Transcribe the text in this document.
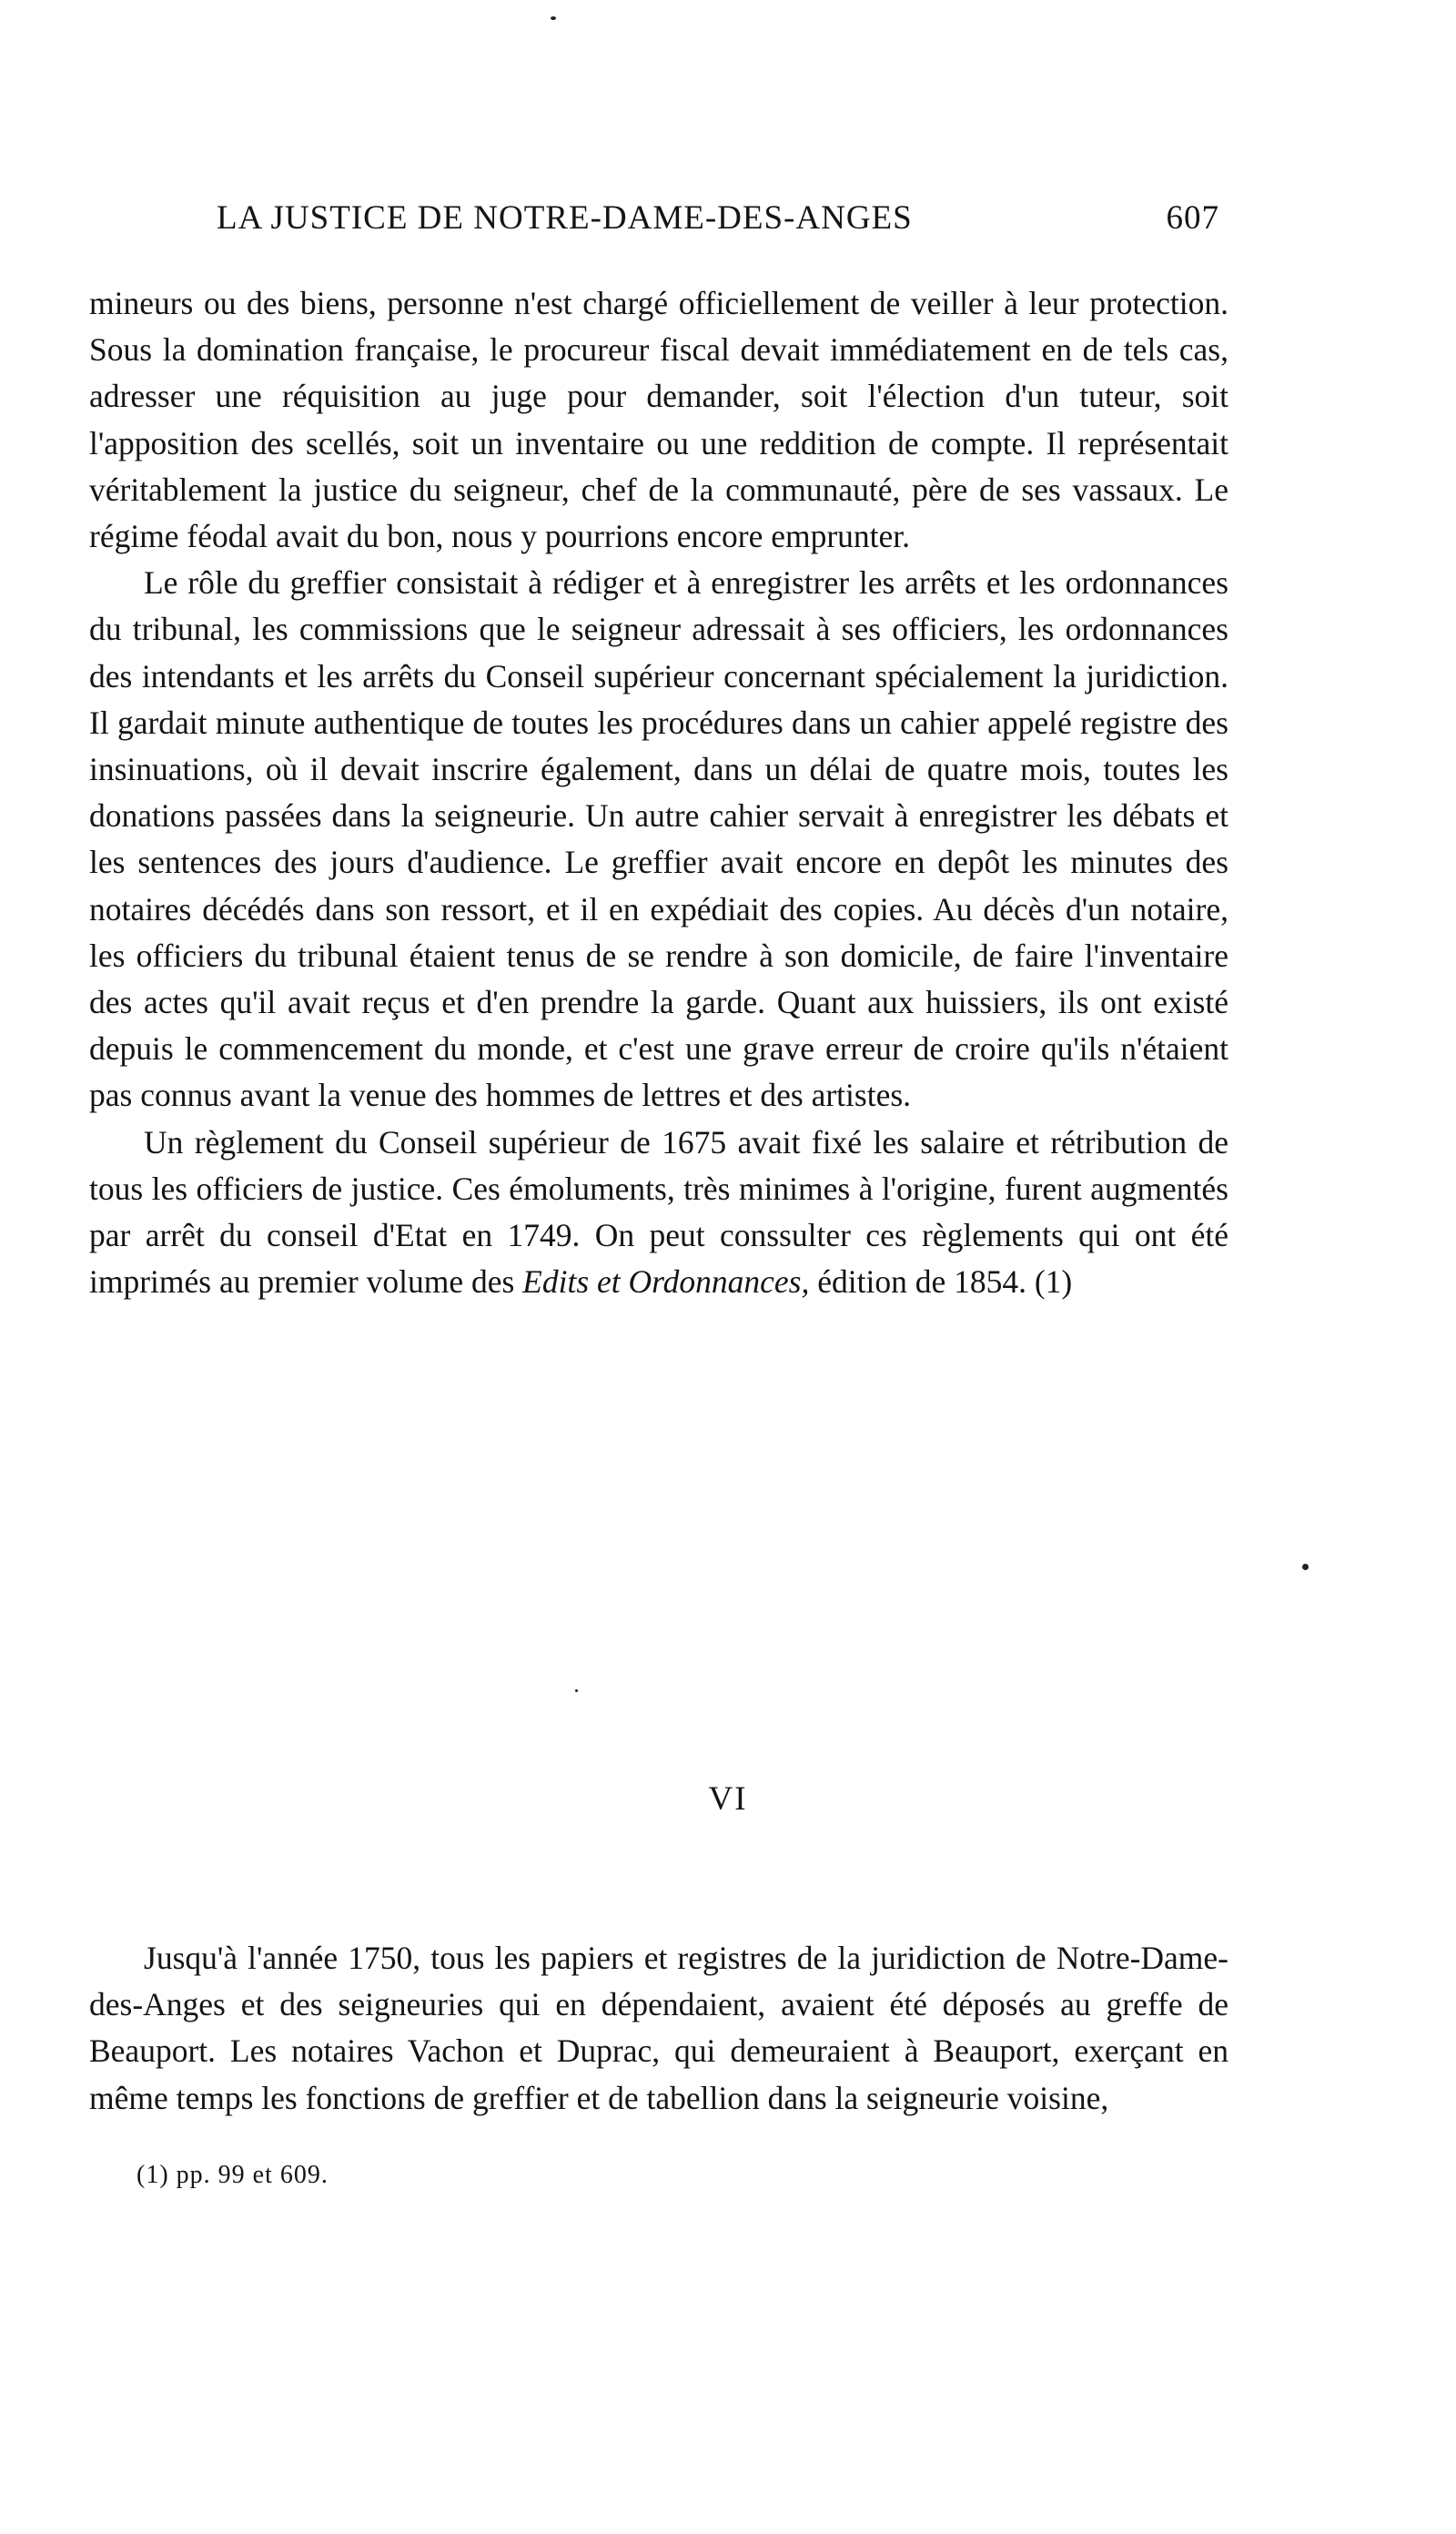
LA JUSTICE DE NOTRE-DAME-DES-ANGES	607

mineurs ou des biens, personne n'est chargé officiellement de veiller à leur protection. Sous la domination française, le procureur fiscal devait immédiatement en de tels cas, adresser une réquisition au juge pour demander, soit l'élection d'un tuteur, soit l'apposition des scellés, soit un inventaire ou une reddition de compte. Il représentait véritablement la justice du seigneur, chef de la communauté, père de ses vassaux. Le régime féodal avait du bon, nous y pourrions encore emprunter.

Le rôle du greffier consistait à rédiger et à enregistrer les arrêts et les ordonnances du tribunal, les commissions que le seigneur adressait à ses officiers, les ordonnances des intendants et les arrêts du Conseil supérieur concernant spécialement la juridiction. Il gardait minute authentique de toutes les procédures dans un cahier appelé registre des insinuations, où il devait inscrire également, dans un délai de quatre mois, toutes les donations passées dans la seigneurie. Un autre cahier servait à enregistrer les débats et les sentences des jours d'audience. Le greffier avait encore en depôt les minutes des notaires décédés dans son ressort, et il en expédiait des copies. Au décès d'un notaire, les officiers du tribunal étaient tenus de se rendre à son domicile, de faire l'inventaire des actes qu'il avait reçus et d'en prendre la garde. Quant aux huissiers, ils ont existé depuis le commencement du monde, et c'est une grave erreur de croire qu'ils n'étaient pas connus avant la venue des hommes de lettres et des artistes.

Un règlement du Conseil supérieur de 1675 avait fixé les salaire et rétribution de tous les officiers de justice. Ces émoluments, très minimes à l'origine, furent augmentés par arrêt du conseil d'Etat en 1749. On peut conssulter ces règlements qui ont été imprimés au premier volume des Edits et Ordonnances, édition de 1854. (1)

VI

Jusqu'à l'année 1750, tous les papiers et registres de la juridiction de Notre-Dame-des-Anges et des seigneuries qui en dépendaient, avaient été déposés au greffe de Beauport. Les notaires Vachon et Duprac, qui demeuraient à Beauport, exerçant en même temps les fonctions de greffier et de tabellion dans la seigneurie voisine,

(1) pp. 99 et 609.
